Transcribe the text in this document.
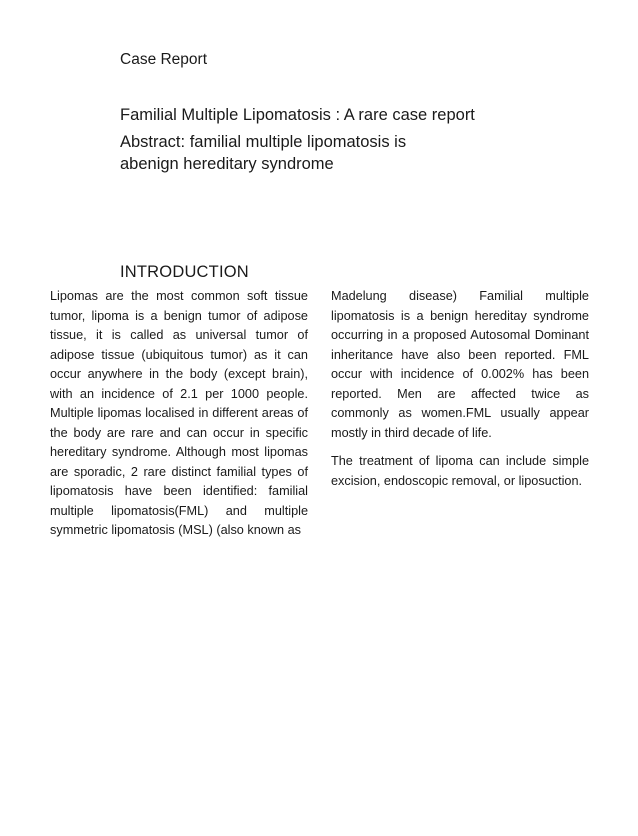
Case Report
Familial Multiple Lipomatosis : A rare case report
Abstract: familial multiple lipomatosis is abenign hereditary syndrome
INTRODUCTION

Lipomas are the most common soft tissue tumor, lipoma is a benign tumor of adipose tissue, it is called as universal tumor of adipose tissue (ubiquitous tumor) as it can occur anywhere in the body (except brain), with an incidence of 2.1 per 1000 people. Multiple lipomas localised in different areas of the body are rare and can occur in specific hereditary syndrome. Although most lipomas are sporadic, 2 rare distinct familial types of lipomatosis have been identified: familial multiple lipomatosis(FML) and multiple symmetric lipomatosis (MSL) (also known as

Madelung disease) Familial multiple lipomatosis is a benign hereditay syndrome occurring in a proposed Autosomal Dominant inheritance have also been reported. FML occur with incidence of 0.002% has been reported. Men are affected twice as commonly as women.FML usually appear mostly in third decade of life.

The treatment of lipoma can include simple excision, endoscopic removal, or liposuction.
